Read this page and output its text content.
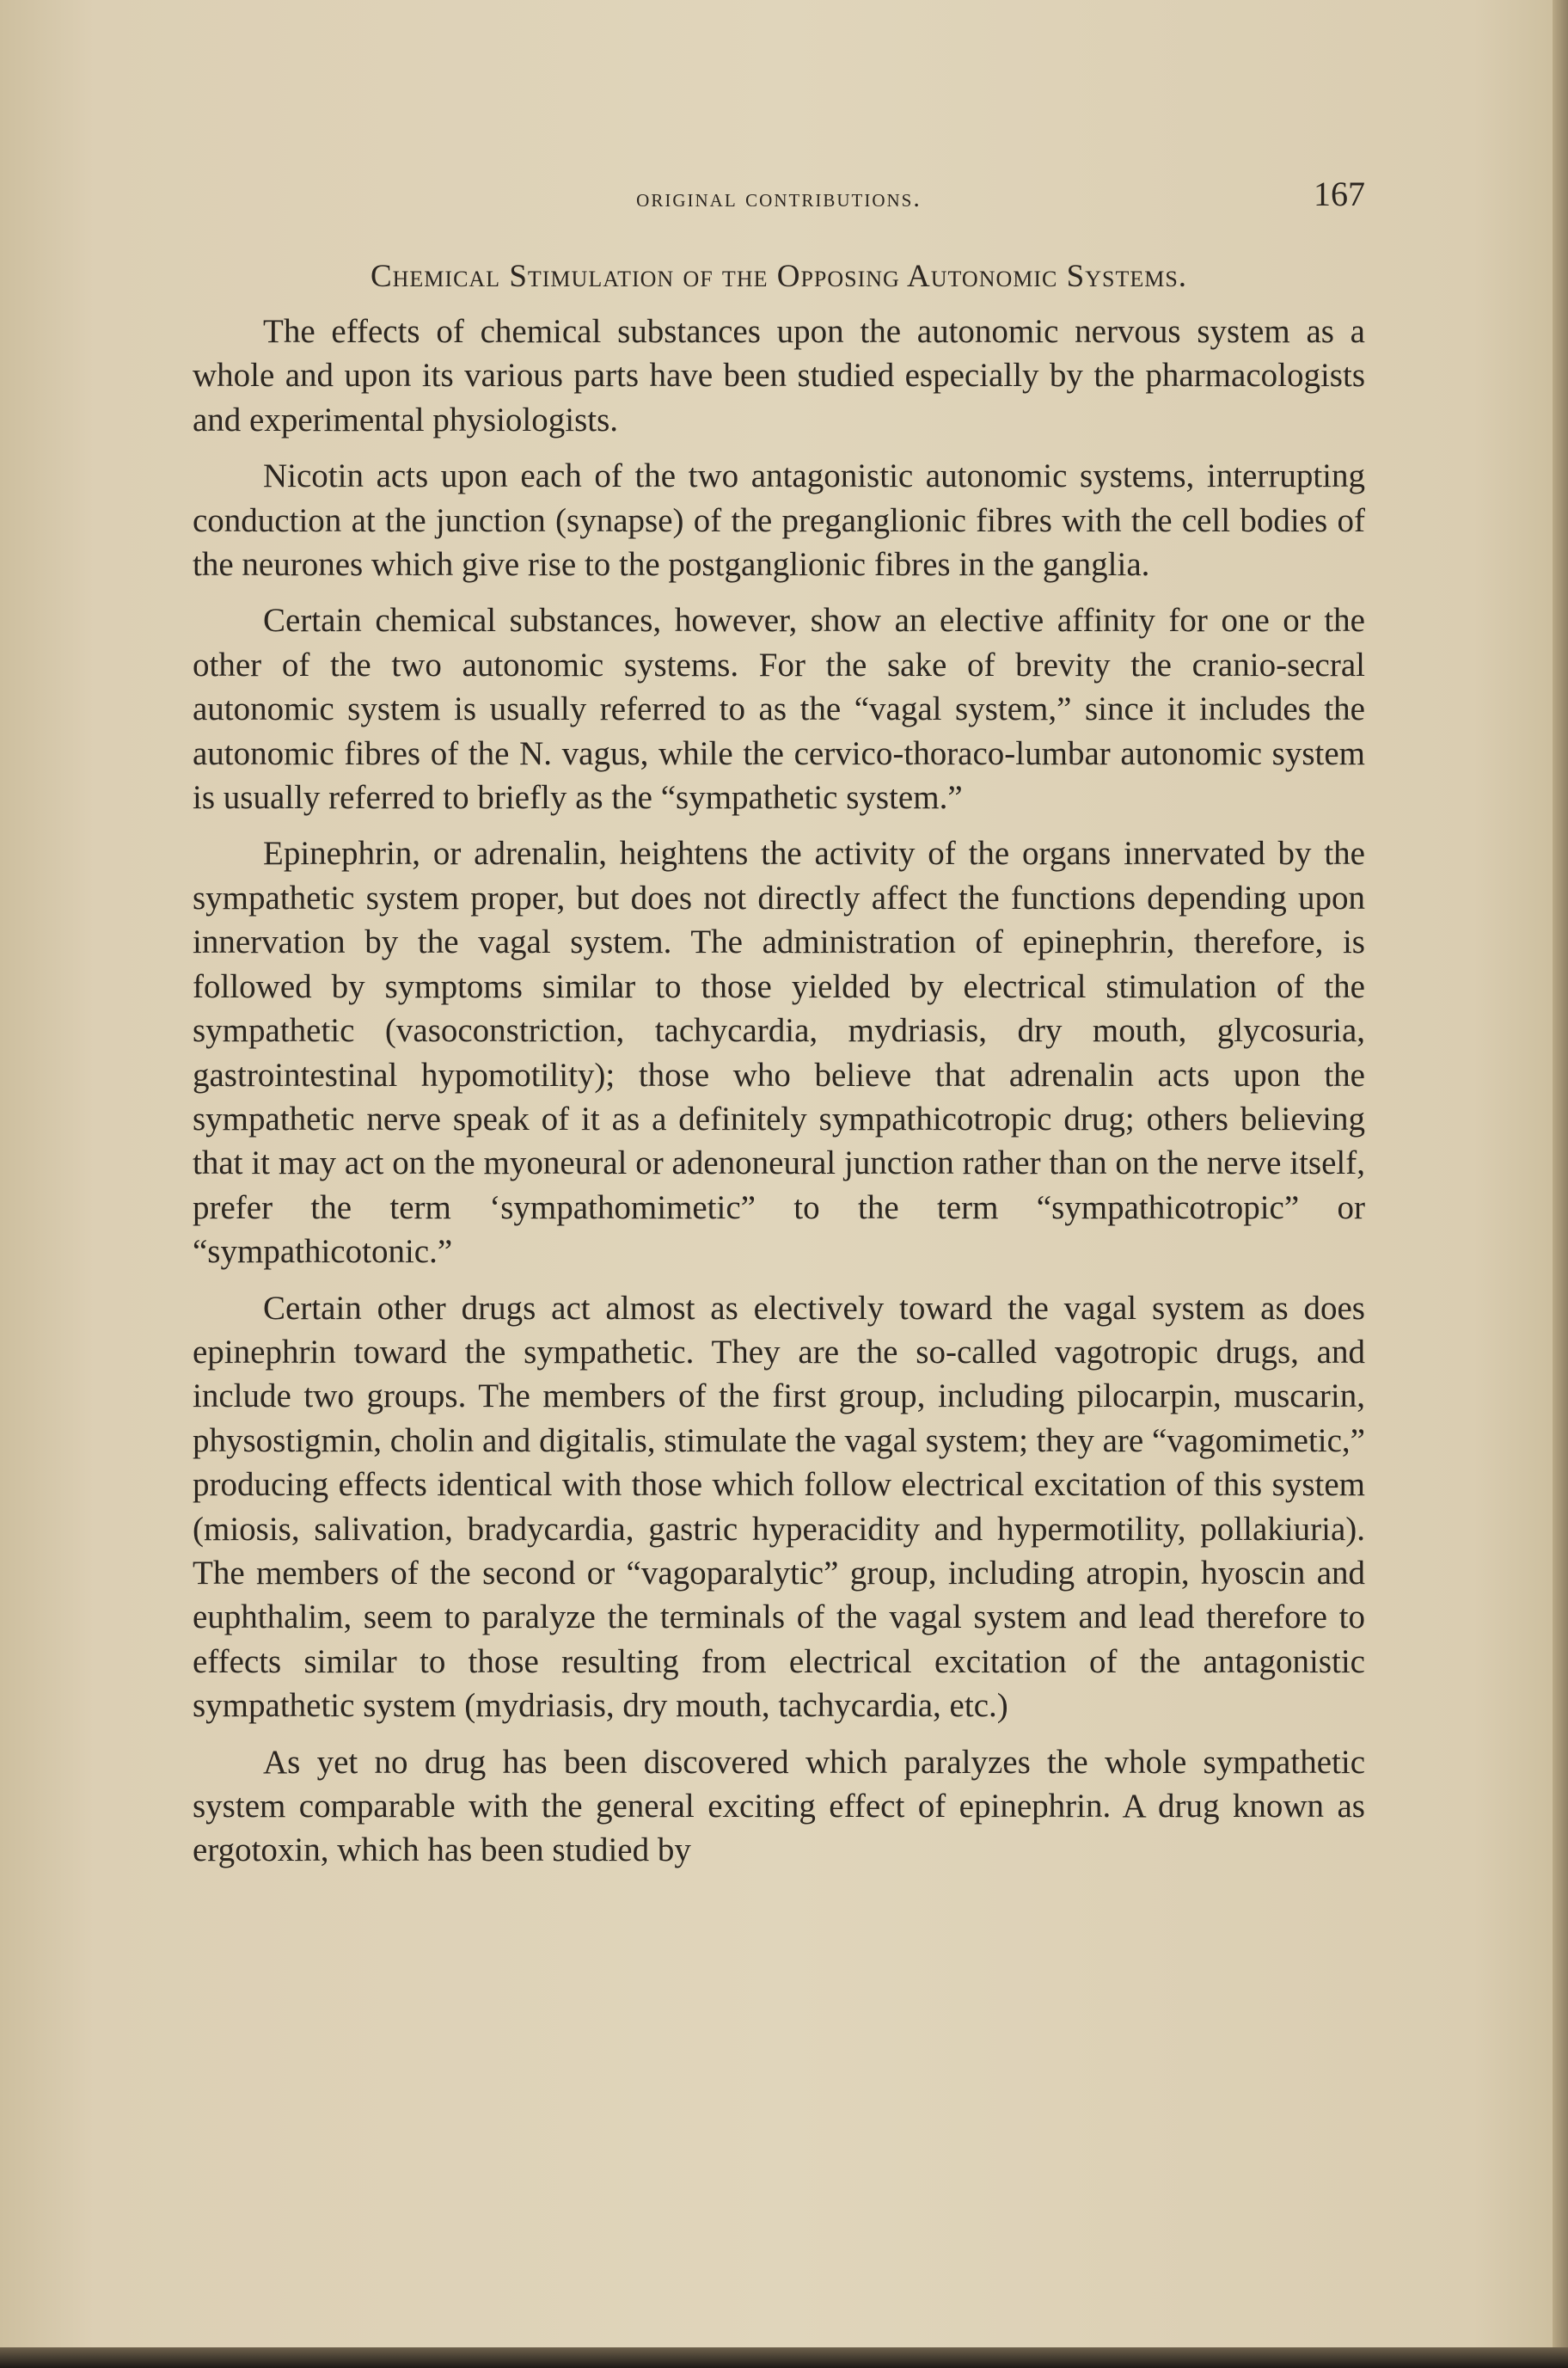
original contributions.	167
Chemical Stimulation of the Opposing Autonomic Systems.

The effects of chemical substances upon the autonomic nervous system as a whole and upon its various parts have been studied especially by the pharmacologists and experimental physiologists.

Nicotin acts upon each of the two antagonistic autonomic systems, interrupting conduction at the junction (synapse) of the preganglionic fibres with the cell bodies of the neurones which give rise to the postganglionic fibres in the ganglia.

Certain chemical substances, however, show an elective affinity for one or the other of the two autonomic systems. For the sake of brevity the cranio-secral autonomic system is usually referred to as the “vagal system,” since it includes the autonomic fibres of the N. vagus, while the cervico-thoraco-lumbar autonomic system is usually referred to briefly as the “sympathetic system.”

Epinephrin, or adrenalin, heightens the activity of the organs innervated by the sympathetic system proper, but does not directly affect the functions depending upon innervation by the vagal system. The administration of epinephrin, therefore, is followed by symptoms similar to those yielded by electrical stimulation of the sympathetic (vasoconstriction, tachycardia, mydriasis, dry mouth, glycosuria, gastrointestinal hypomotility); those who believe that adrenalin acts upon the sympathetic nerve speak of it as a definitely sympathicotropic drug; others believing that it may act on the myoneural or adenoneural junction rather than on the nerve itself, prefer the term ‘sympathomimetic” to the term “sympathicotropic” or “sympathicotonic.”

Certain other drugs act almost as electively toward the vagal system as does epinephrin toward the sympathetic. They are the so-called vagotropic drugs, and include two groups. The members of the first group, including pilocarpin, muscarin, physostigmin, cholin and digitalis, stimulate the vagal system; they are “vagomimetic,” producing effects identical with those which follow electrical excitation of this system (miosis, salivation, bradycardia, gastric hyperacidity and hypermotility, pollakiuria). The members of the second or “vagoparalytic” group, including atropin, hyoscin and euphthalim, seem to paralyze the terminals of the vagal system and lead therefore to effects similar to those resulting from electrical excitation of the antagonistic sympathetic system (mydriasis, dry mouth, tachycardia, etc.)

As yet no drug has been discovered which paralyzes the whole sympathetic system comparable with the general exciting effect of epinephrin. A drug known as ergotoxin, which has been studied by
